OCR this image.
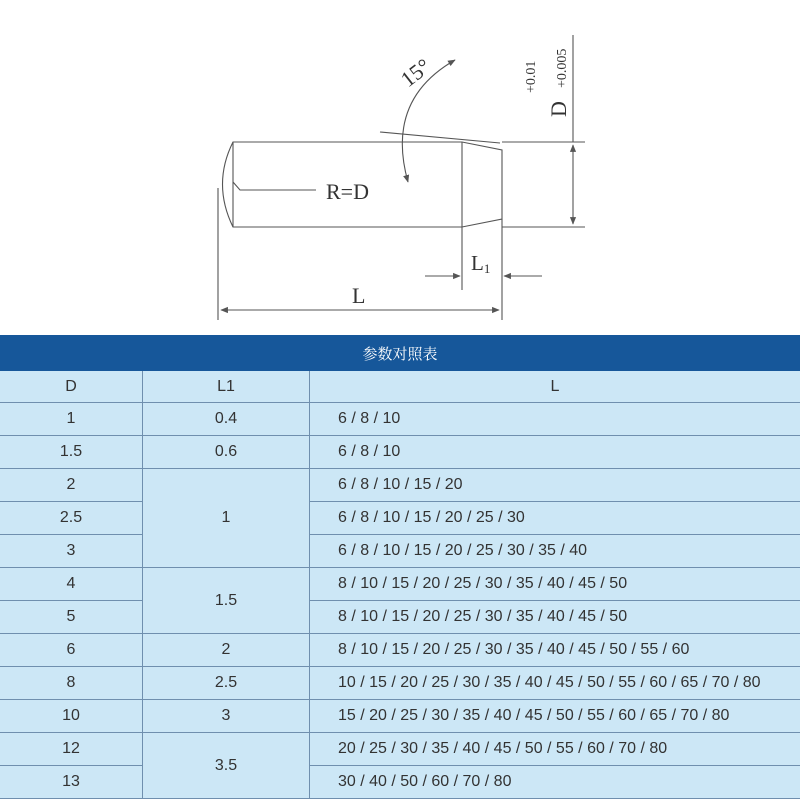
15°
R=D
L
L1
D
+0.005
+0.01
参数对照表
D	L1	L
1	0.4	6 / 8 / 10
1.5	0.6	6 / 8 / 10
2	1	6 / 8 / 10 / 15 / 20
2.5		6 / 8 / 10 / 15 / 20 / 25 / 30
3		6 / 8 / 10 / 15 / 20 / 25 / 30 / 35 / 40
4	1.5	8 / 10 / 15 / 20 / 25 / 30 / 35 / 40 / 45 / 50
5		8 / 10 / 15 / 20 / 25 / 30 / 35 / 40 / 45 / 50
6	2	8 / 10 / 15 / 20 / 25 / 30 / 35 / 40 / 45 / 50 / 55 / 60
8	2.5	10 / 15 / 20 / 25 / 30 / 35 / 40 / 45 / 50 / 55 / 60 / 65 / 70 / 80
10	3	15 / 20 / 25 / 30 / 35 / 40 / 45 / 50 / 55 / 60 / 65 / 70 / 80
12	3.5	20 / 25 / 30 / 35 / 40 / 45 / 50 / 55 / 60 / 70 / 80
13		30 / 40 / 50 / 60 / 70 / 80
